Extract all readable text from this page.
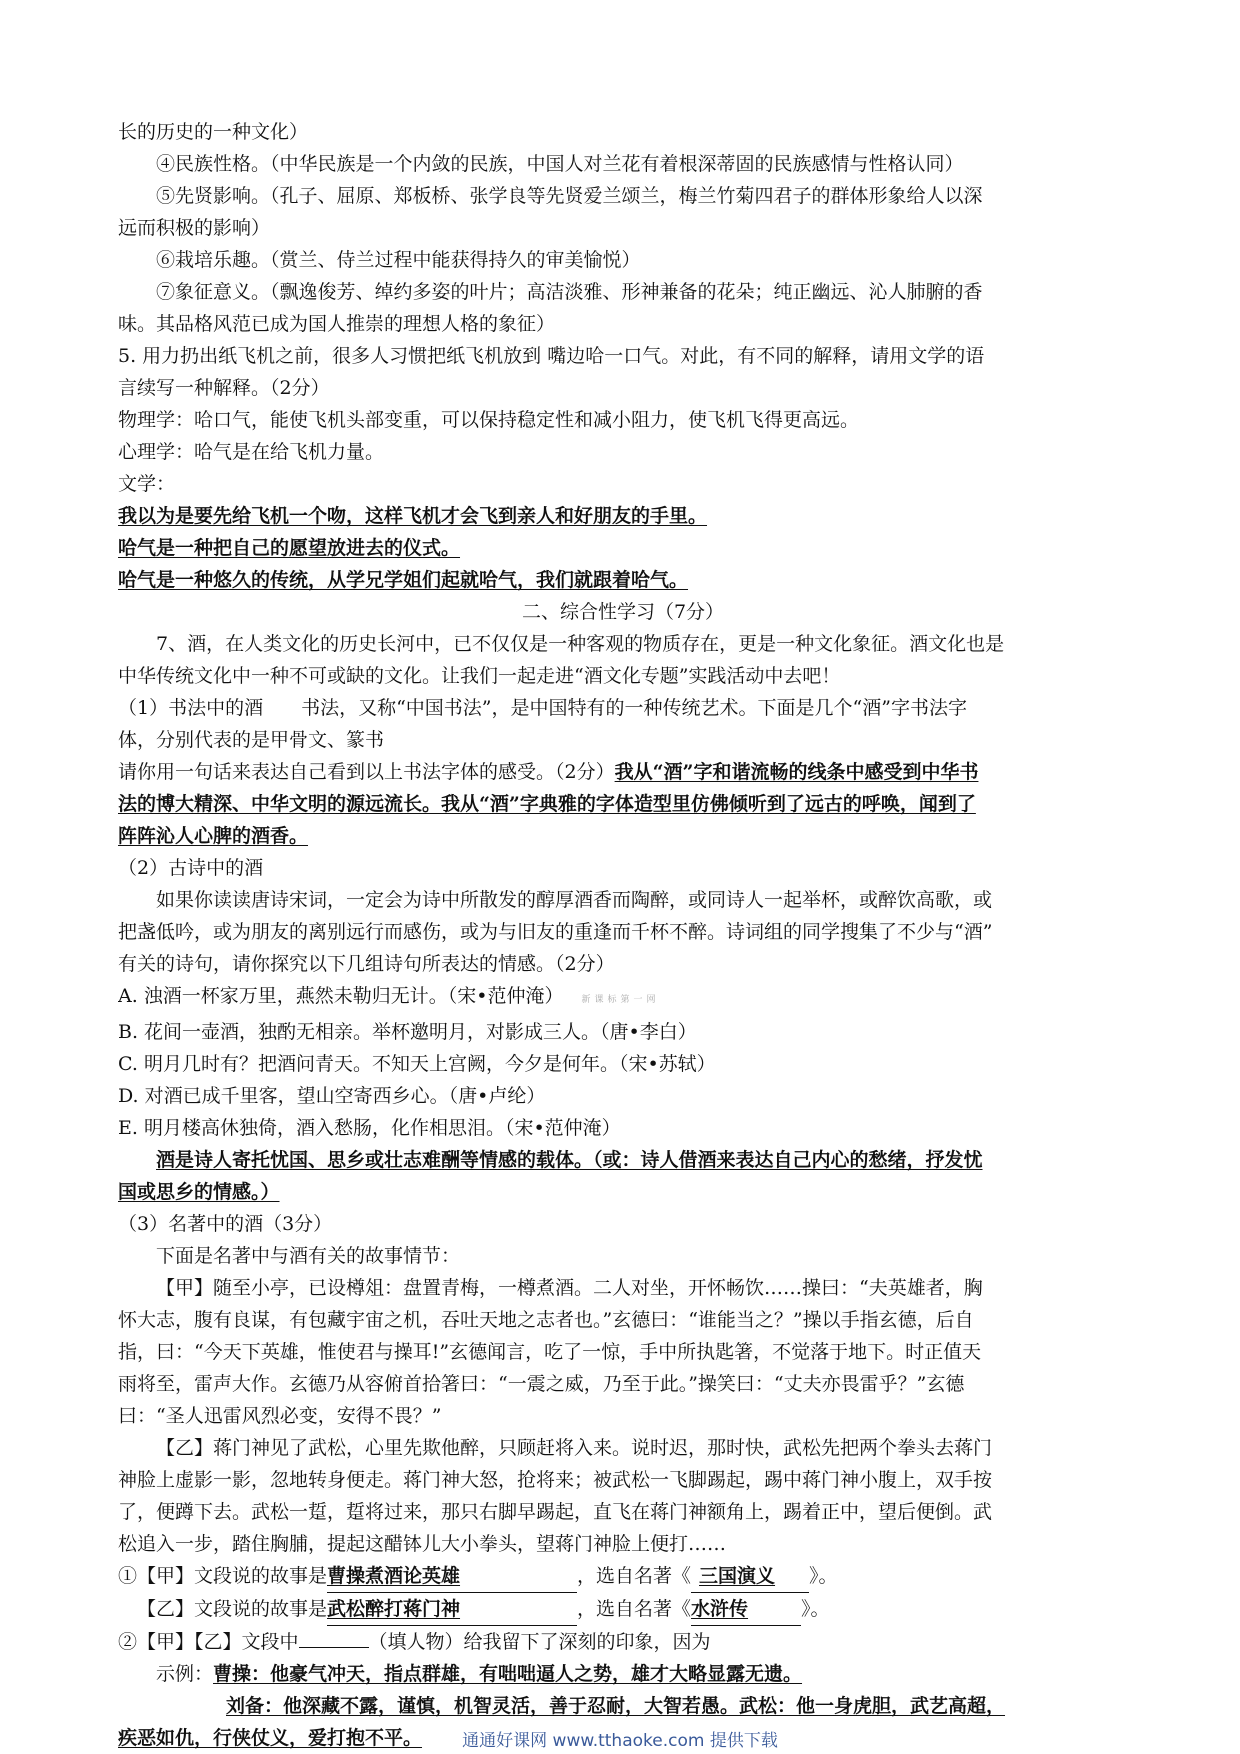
长的历史的一种文化）
④民族性格。（中华民族是一个内敛的民族，中国人对兰花有着根深蒂固的民族感情与性格认同）
⑤先贤影响。（孔子、屈原、郑板桥、张学良等先贤爱兰颂兰，梅兰竹菊四君子的群体形象给人以深
远而积极的影响）
⑥栽培乐趣。（赏兰、侍兰过程中能获得持久的审美愉悦）
⑦象征意义。（飘逸俊芳、绰约多姿的叶片；高洁淡雅、形神兼备的花朵；纯正幽远、沁人肺腑的香
味。其品格风范已成为国人推崇的理想人格的象征）
5. 用力扔出纸飞机之前，很多人习惯把纸飞机放到 嘴边哈一口气。对此，有不同的解释，请用文学的语
言续写一种解释。（2分）
物理学：哈口气，能使飞机头部变重，可以保持稳定性和减小阻力，使飞机飞得更高远。
心理学：哈气是在给飞机力量。
文学：
我以为是要先给飞机一个吻，这样飞机才会飞到亲人和好朋友的手里。
哈气是一种把自己的愿望放进去的仪式。
哈气是一种悠久的传统，从学兄学姐们起就哈气，我们就跟着哈气。
二、综合性学习（7分）
7、酒，在人类文化的历史长河中，已不仅仅是一种客观的物质存在，更是一种文化象征。酒文化也是
中华传统文化中一种不可或缺的文化。让我们一起走进“酒文化专题”实践活动中去吧！
（1）书法中的酒　　书法，又称“中国书法”，是中国特有的一种传统艺术。下面是几个“酒”字书法字
体，分别代表的是甲骨文、篆书
请你用一句话来表达自己看到以上书法字体的感受。（2分）我从“酒”字和谐流畅的线条中感受到中华书
法的博大精深、中华文明的源远流长。我从“酒”字典雅的字体造型里仿佛倾听到了远古的呼唤，闻到了
阵阵沁人心脾的酒香。
（2）古诗中的酒
如果你读读唐诗宋词，一定会为诗中所散发的醇厚酒香而陶醉，或同诗人一起举杯，或醉饮高歌，或
把盏低吟，或为朋友的离别远行而感伤，或为与旧友的重逢而千杯不醉。诗词组的同学搜集了不少与“酒”
有关的诗句，请你探究以下几组诗句所表达的情感。（2分）
A. 浊酒一杯家万里，燕然未勒归无计。（宋•范仲淹） 新课标第一网
B. 花间一壶酒，独酌无相亲。举杯邀明月，对影成三人。（唐•李白）
C. 明月几时有？把酒问青天。不知天上宫阙，今夕是何年。（宋•苏轼）
D. 对酒已成千里客，望山空寄西乡心。（唐•卢纶）
E. 明月楼高休独倚，酒入愁肠，化作相思泪。（宋•范仲淹）
酒是诗人寄托忧国、思乡或壮志难酬等情感的载体。（或：诗人借酒来表达自己内心的愁绪，抒发忧
国或思乡的情感。）
（3）名著中的酒（3分）
下面是名著中与酒有关的故事情节：
【甲】随至小亭，已设樽俎：盘置青梅，一樽煮酒。二人对坐，开怀畅饮……操曰：“夫英雄者，胸
怀大志，腹有良谋，有包藏宇宙之机，吞吐天地之志者也。”玄德曰：“谁能当之？”操以手指玄德，后自
指，曰：“今天下英雄，惟使君与操耳!”玄德闻言，吃了一惊，手中所执匙箸，不觉落于地下。时正值天
雨将至，雷声大作。玄德乃从容俯首拾箸曰：“一震之威，乃至于此。”操笑曰：“丈夫亦畏雷乎？”玄德
曰：“圣人迅雷风烈必变，安得不畏？”
【乙】蒋门神见了武松，心里先欺他醉，只顾赶将入来。说时迟，那时快，武松先把两个拳头去蒋门
神脸上虚影一影，忽地转身便走。蒋门神大怒，抢将来；被武松一飞脚踢起，踢中蒋门神小腹上，双手按
了，便蹲下去。武松一踅，踅将过来，那只右脚早踢起，直飞在蒋门神额角上，踢着正中，望后便倒。武
松追入一步，踏住胸脯，提起这醋钵儿大小拳头，望蒋门神脸上便打……
①【甲】文段说的故事是曹操煮酒论英雄	，选自名著《 三国演义 》。
【乙】文段说的故事是武松醉打蒋门神	，选自名著《水浒传	》。
②【甲】【乙】文段中	（填人物）给我留下了深刻的印象，因为
示例：曹操：他豪气冲天，指点群雄，有咄咄逼人之势，雄才大略显露无遗。
刘备：他深藏不露，谨慎，机智灵活，善于忍耐，大智若愚。武松：他一身虎胆，武艺高超，
疾恶如仇，行侠仗义，爱打抱不平。	通通好课网 www.tthaoke.com 提供下载
